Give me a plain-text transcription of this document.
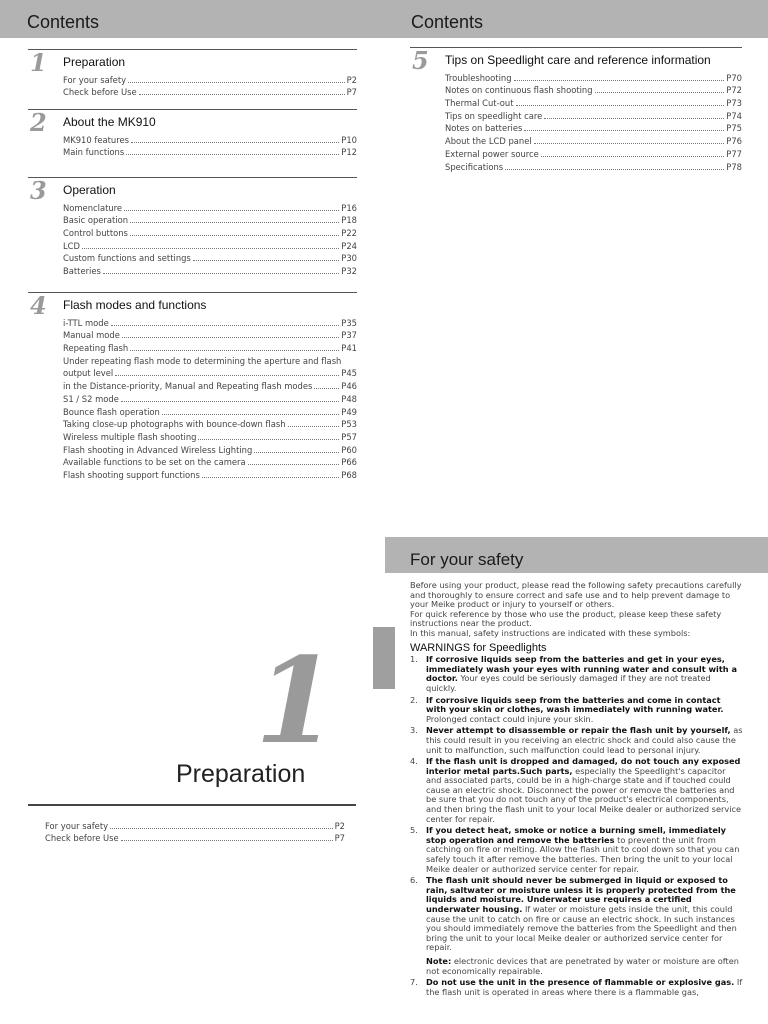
Contents	Contents
1 Preparation
For your safety	P2
Check before Use	P7
2 About the MK910
MK910 features	P10
Main functions	P12
3 Operation
Nomenclature	P16
Basic operation	P18
Control buttons	P22
LCD	P24
Custom functions and settings	P30
Batteries	P32
4 Flash modes and functions
i-TTL mode	P35
Manual mode	P37
Repeating flash	P41
Under repeating flash mode to determining the aperture and flash
output level	P45
in the Distance-priority, Manual and Repeating flash modes	P46
S1 / S2 mode	P48
Bounce flash operation	P49
Taking close-up photographs with bounce-down flash	P53
Wireless multiple flash shooting	P57
Flash shooting in Advanced Wireless Lighting	P60
Available functions to be set on the camera	P66
Flash shooting support functions	P68
5 Tips on Speedlight care and reference information
Troubleshooting	P70
Notes on continuous flash shooting	P72
Thermal Cut-out	P73
Tips on speedlight care	P74
Notes on batteries	P75
About the LCD panel	P76
External power source	P77
Specifications	P78
1
Preparation
For your safety	P2
Check before Use	P7
For your safety

Before using your product, please read the following safety precautions carefully and thoroughly to ensure correct and safe use and to help prevent damage to your Meike product or injury to yourself or others.

For quick reference by those who use the product, please keep these safety instructions near the product.

In this manual, safety instructions are indicated with these symbols:

WARNINGS for Speedlights
1. If corrosive liquids seep from the batteries and get in your eyes, immediately wash your eyes with running water and consult with a doctor. Your eyes could be seriously damaged if they are not treated quickly.
2. If corrosive liquids seep from the batteries and come in contact with your skin or clothes, wash immediately with running water. Prolonged contact could injure your skin.
3. Never attempt to disassemble or repair the flash unit by yourself, as this could result in you receiving an electric shock and could also cause the unit to malfunction, such malfunction could lead to personal injury.
4. If the flash unit is dropped and damaged, do not touch any exposed interior metal parts.Such parts, especially the Speedlight's capacitor and associated parts, could be in a high-charge state and if touched could cause an electric shock. Disconnect the power or remove the batteries and be sure that you do not touch any of the product's electrical components, and then bring the flash unit to your local Meike dealer or authorized service center for repair.
5. If you detect heat, smoke or notice a burning smell, immediately stop operation and remove the batteries to prevent the unit from catching on fire or melting. Allow the flash unit to cool down so that you can safely touch it after remove the batteries. Then bring the unit to your local Meike dealer or authorized service center for repair.
6. The flash unit should never be submerged in liquid or exposed to rain, saltwater or moisture unless it is properly protected from the liquids and moisture. Underwater use requires a certified underwater housing. If water or moisture gets inside the unit, this could cause the unit to catch on fire or cause an electric shock. In such instances you should immediately remove the batteries from the Speedlight and then bring the unit to your local Meike dealer or authorized service center for repair.

Note: electronic devices that are penetrated by water or moisture are often not economically repairable.

7. Do not use the unit in the presence of flammable or explosive gas. If the flash unit is operated in areas where there is a flammable gas,
